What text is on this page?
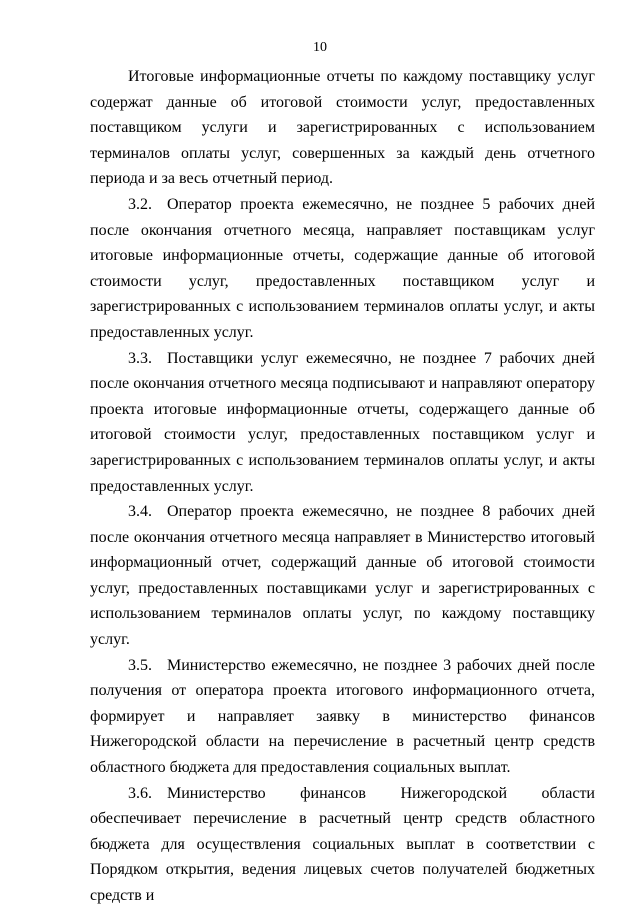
10

Итоговые информационные отчеты по каждому поставщику услуг содержат данные об итоговой стоимости услуг, предоставленных поставщиком услуги и зарегистрированных с использованием терминалов оплаты услуг, совершенных за каждый день отчетного периода и за весь отчетный период.

3.2. Оператор проекта ежемесячно, не позднее 5 рабочих дней после окончания отчетного месяца, направляет поставщикам услуг итоговые информационные отчеты, содержащие данные об итоговой стоимости услуг, предоставленных поставщиком услуг и зарегистрированных с использованием терминалов оплаты услуг, и акты предоставленных услуг.

3.3. Поставщики услуг ежемесячно, не позднее 7 рабочих дней после окончания отчетного месяца подписывают и направляют оператору проекта итоговые информационные отчеты, содержащего данные об итоговой стоимости услуг, предоставленных поставщиком услуг и зарегистрированных с использованием терминалов оплаты услуг, и акты предоставленных услуг.

3.4. Оператор проекта ежемесячно, не позднее 8 рабочих дней после окончания отчетного месяца направляет в Министерство итоговый информационный отчет, содержащий данные об итоговой стоимости услуг, предоставленных поставщиками услуг и зарегистрированных с использованием терминалов оплаты услуг, по каждому поставщику услуг.

3.5. Министерство ежемесячно, не позднее 3 рабочих дней после получения от оператора проекта итогового информационного отчета, формирует и направляет заявку в министерство финансов Нижегородской области на перечисление в расчетный центр средств областного бюджета для предоставления социальных выплат.

3.6. Министерство финансов Нижегородской области обеспечивает перечисление в расчетный центр средств областного бюджета для осуществления социальных выплат в соответствии с Порядком открытия, ведения лицевых счетов получателей бюджетных средств и
